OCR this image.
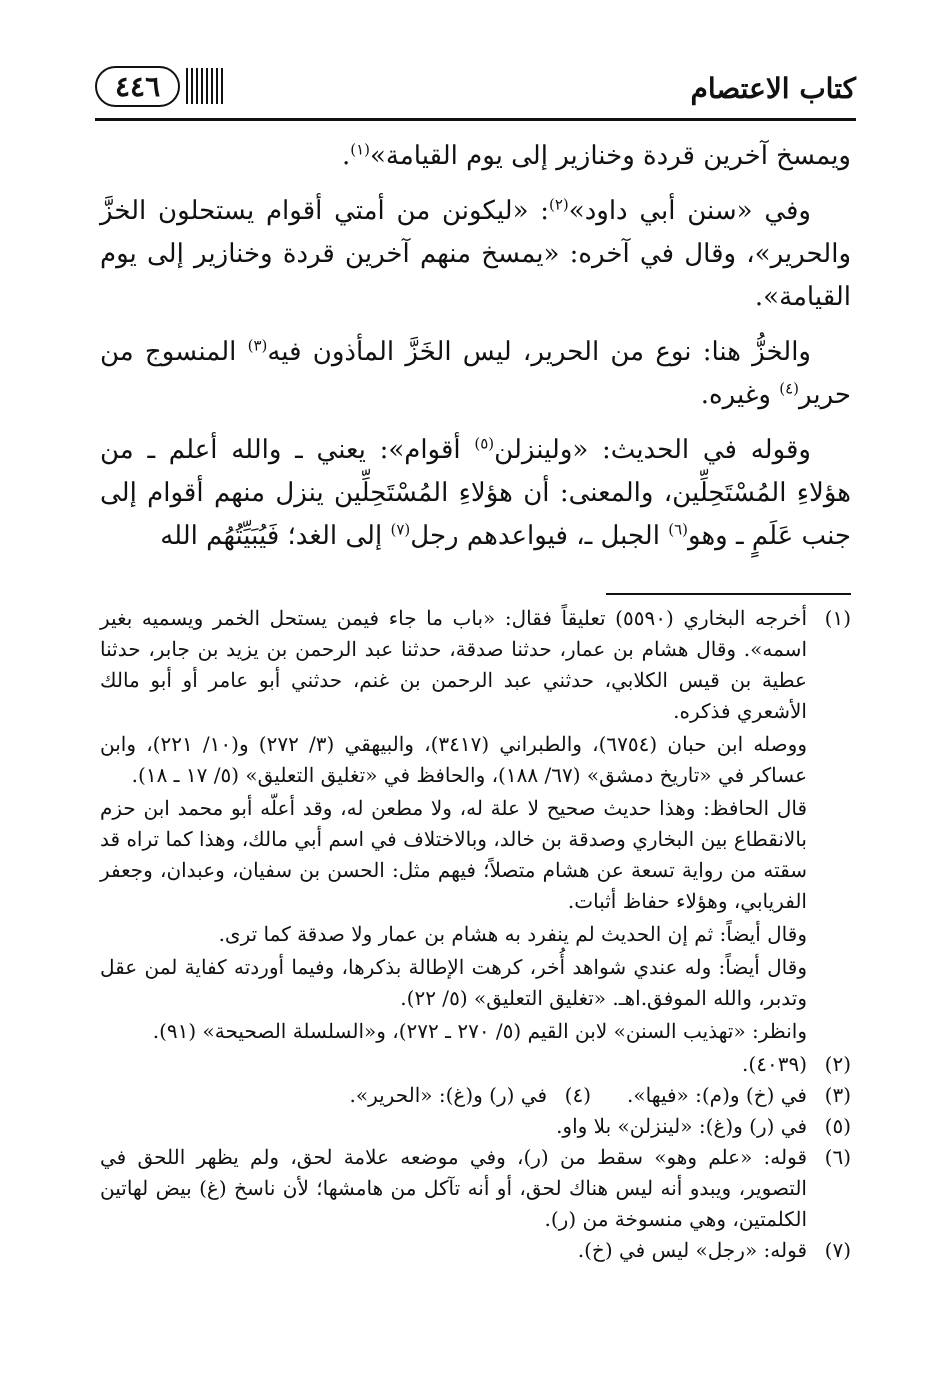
كتاب الاعتصام
٤٤٦

ويمسخ آخرين قردة وخنازير إلى يوم القيامة»$^{(١)}$.

وفي «سنن أبي داود»$^{(٢)}$: «ليكونن من أمتي أقوام يستحلون الخزَّ والحرير»، وقال في آخره: «يمسخ منهم آخرين قردة وخنازير إلى يوم القيامة».

والخزُّ هنا: نوع من الحرير، ليس الخَزَّ المأذون فيه$^{(٣)}$ المنسوج من حرير$^{(٤)}$ وغيره.

وقوله في الحديث: «ولينزلن$^{(٥)}$ أقوام»: يعني ـ والله أعلم ـ من هؤلاءِ المُسْتَحِلِّين، والمعنى: أن هؤلاءِ المُسْتَحِلِّين ينزل منهم أقوام إلى جنب عَلَمٍ ـ وهو$^{(٦)}$ الجبل ـ، فيواعدهم رجل$^{(٧)}$ إلى الغد؛ فَيُبَيِّتُهُم الله

(١)

أخرجه البخاري (٥٥٩٠) تعليقاً فقال: «باب ما جاء فيمن يستحل الخمر ويسميه بغير اسمه». وقال هشام بن عمار، حدثنا صدقة، حدثنا عبد الرحمن بن يزيد بن جابر، حدثنا عطية بن قيس الكلابي، حدثني عبد الرحمن بن غنم، حدثني أبو عامر أو أبو مالك الأشعري فذكره.

ووصله ابن حبان (٦٧٥٤)، والطبراني (٣٤١٧)، والبيهقي (٣/ ٢٧٢) و(١٠/ ٢٢١)، وابن عساكر في «تاريخ دمشق» (٦٧/ ١٨٨)، والحافظ في «تغليق التعليق» (٥/ ١٧ ـ ١٨).

قال الحافظ: وهذا حديث صحيح لا علة له، ولا مطعن له، وقد أعلّه أبو محمد ابن حزم بالانقطاع بين البخاري وصدقة بن خالد، وبالاختلاف في اسم أبي مالك، وهذا كما تراه قد سقته من رواية تسعة عن هشام متصلاً؛ فيهم مثل: الحسن بن سفيان، وعبدان، وجعفر الفريابي، وهؤلاء حفاظ أثبات.

وقال أيضاً: ثم إن الحديث لم ينفرد به هشام بن عمار ولا صدقة كما ترى.

وقال أيضاً: وله عندي شواهد أُخر، كرهت الإطالة بذكرها، وفيما أوردته كفاية لمن عقل وتدبر، والله الموفق.اهـ. «تغليق التعليق» (٥/ ٢٢).

وانظر: «تهذيب السنن» لابن القيم (٥/ ٢٧٠ ـ ٢٧٢)، و«السلسلة الصحيحة» (٩١).

(٢)
(٤٠٣٩).
(٣)
في (خ) و(م): «فيها».
(٤)
في (ر) و(غ): «الحرير».
(٥)
في (ر) و(غ): «لينزلن» بلا واو.
(٦)
قوله: «علم وهو» سقط من (ر)، وفي موضعه علامة لحق، ولم يظهر اللحق في التصوير، ويبدو أنه ليس هناك لحق، أو أنه تآكل من هامشها؛ لأن ناسخ (غ) بيض لهاتين الكلمتين، وهي منسوخة من (ر).
(٧)
قوله: «رجل» ليس في (خ).
